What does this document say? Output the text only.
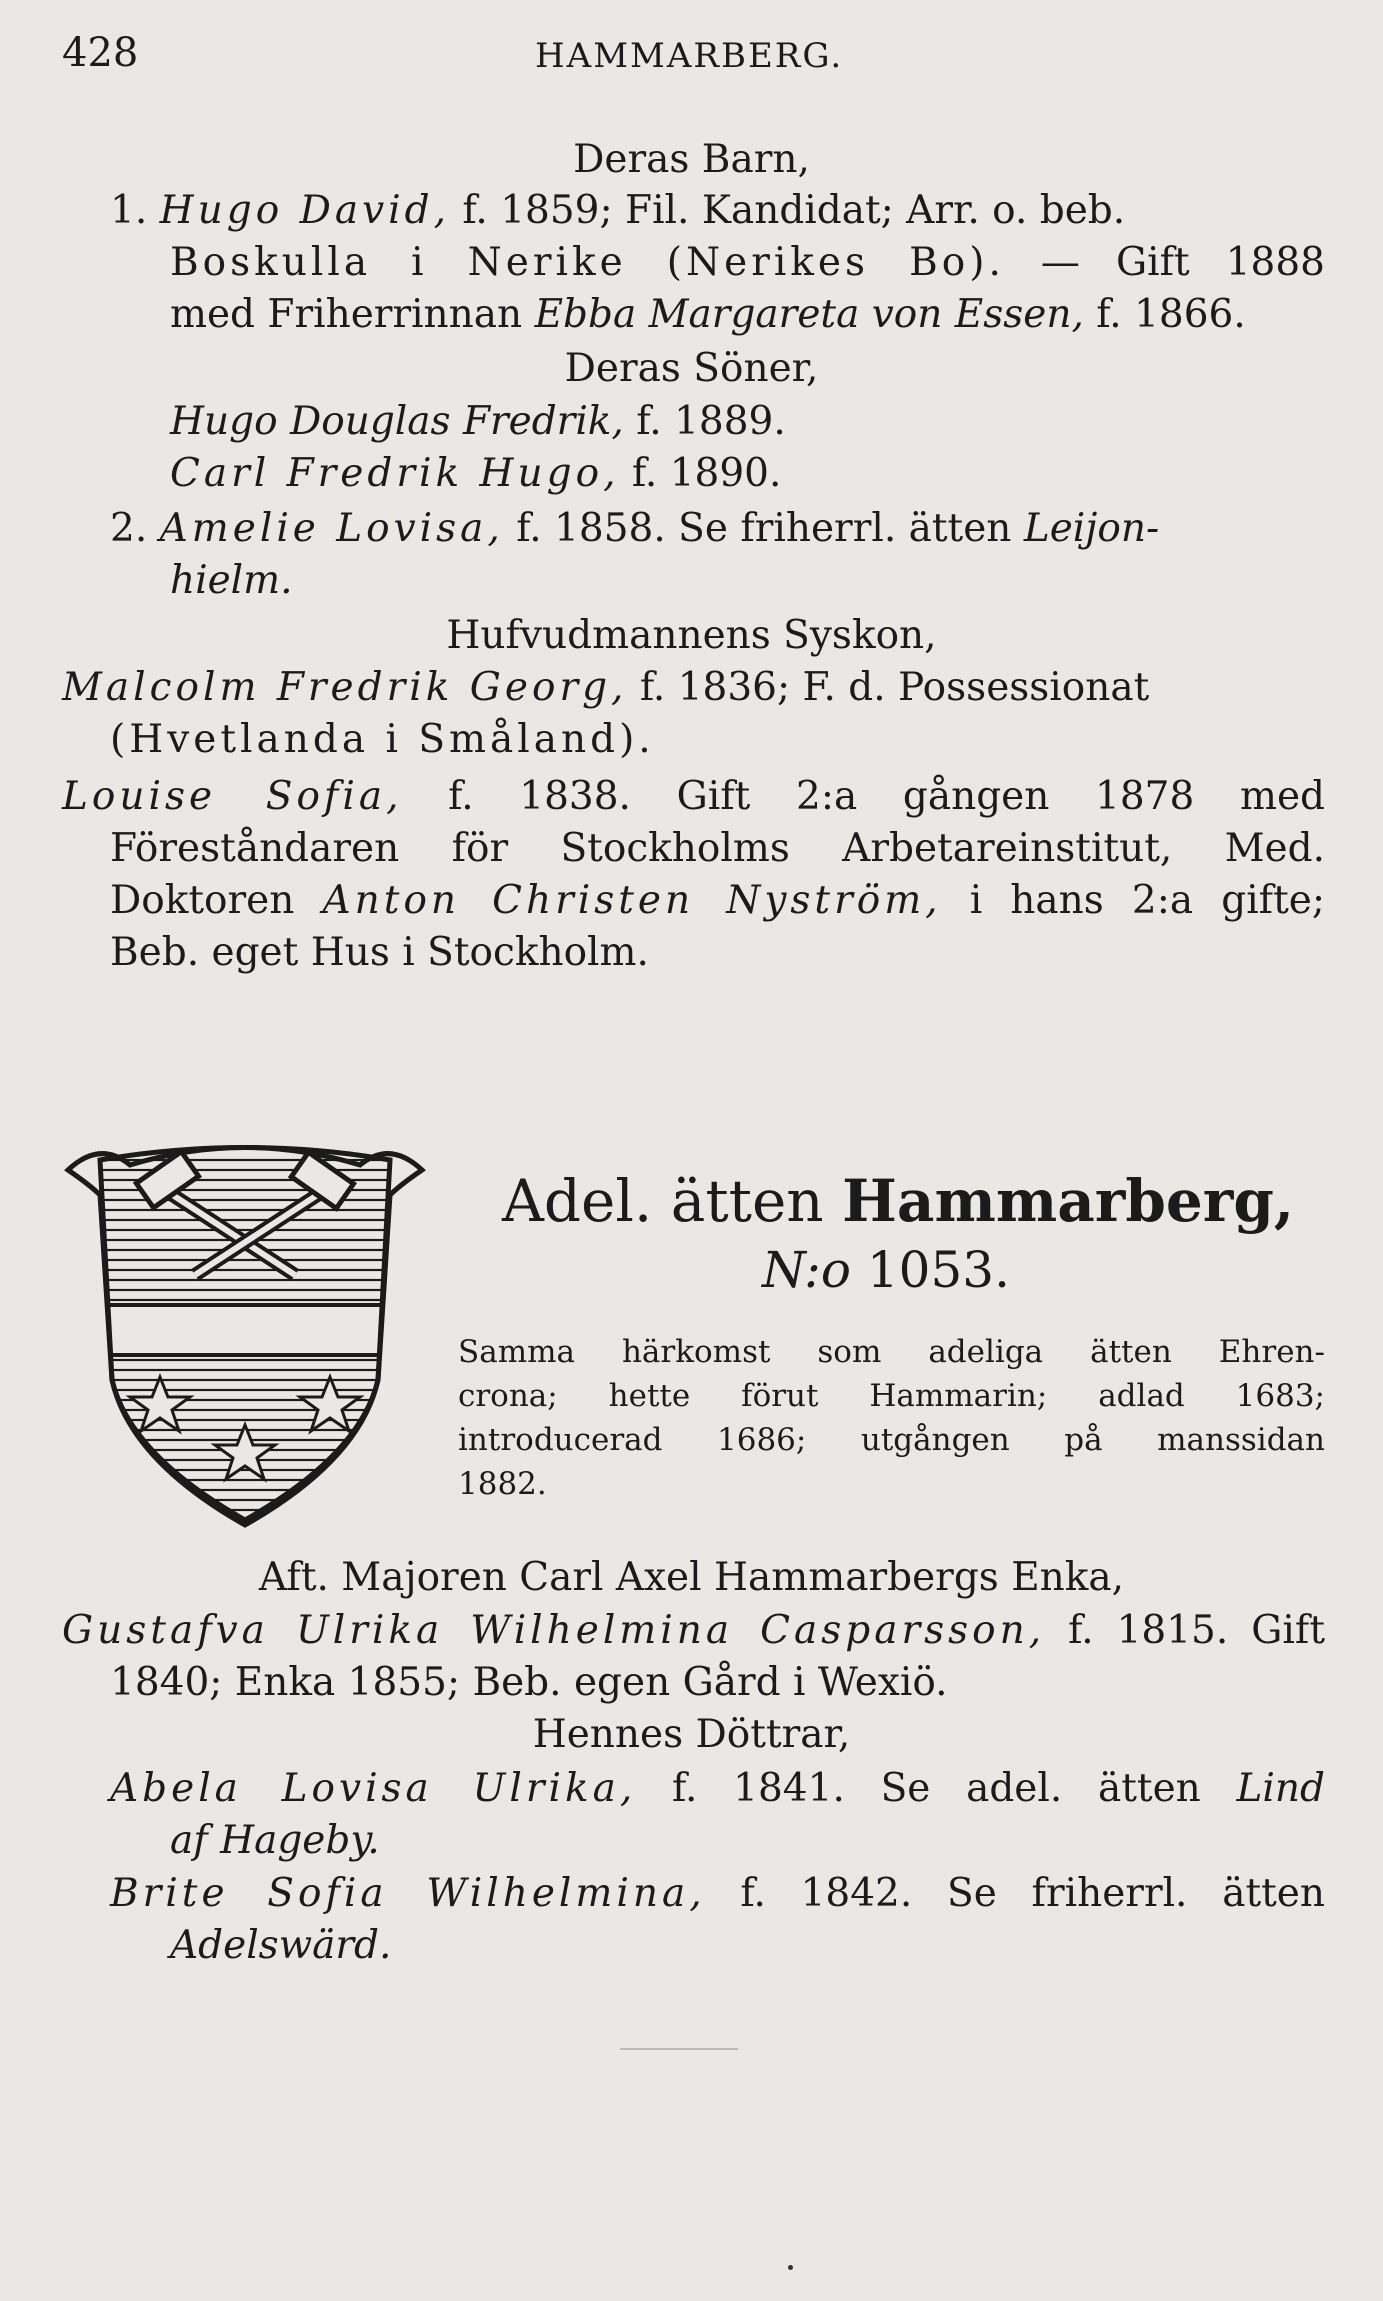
428	HAMMARBERG.
Deras Barn,
1. Hugo David, f. 1859; Fil. Kandidat; Arr. o. beb.
Boskulla i Nerike (Nerikes Bo). — Gift 1888
med Friherrinnan Ebba Margareta von Essen, f. 1866.
Deras Söner,
Hugo Douglas Fredrik, f. 1889.
Carl Fredrik Hugo, f. 1890.
2. Amelie Lovisa, f. 1858. Se friherrl. ätten Leijon-
hielm.
Hufvudmannens Syskon,
Malcolm Fredrik Georg, f. 1836; F. d. Possessionat
(Hvetlanda i Småland).
Louise Sofia, f. 1838. Gift 2:a gången 1878 med
Föreståndaren för Stockholms Arbetareinstitut, Med.
Doktoren Anton Christen Nyström, i hans 2:a gifte;
Beb. eget Hus i Stockholm.
Adel. ätten Hammarberg,
N:o 1053.
Samma härkomst som adeliga ätten Ehren-
crona; hette förut Hammarin; adlad 1683;
introducerad 1686; utgången på manssidan
1882.
Aft. Majoren Carl Axel Hammarbergs Enka,
Gustafva Ulrika Wilhelmina Casparsson, f. 1815. Gift
1840; Enka 1855; Beb. egen Gård i Wexiö.
Hennes Döttrar,
Abela Lovisa Ulrika, f. 1841. Se adel. ätten Lind
af Hageby.
Brite Sofia Wilhelmina, f. 1842. Se friherrl. ätten
Adelswärd.
